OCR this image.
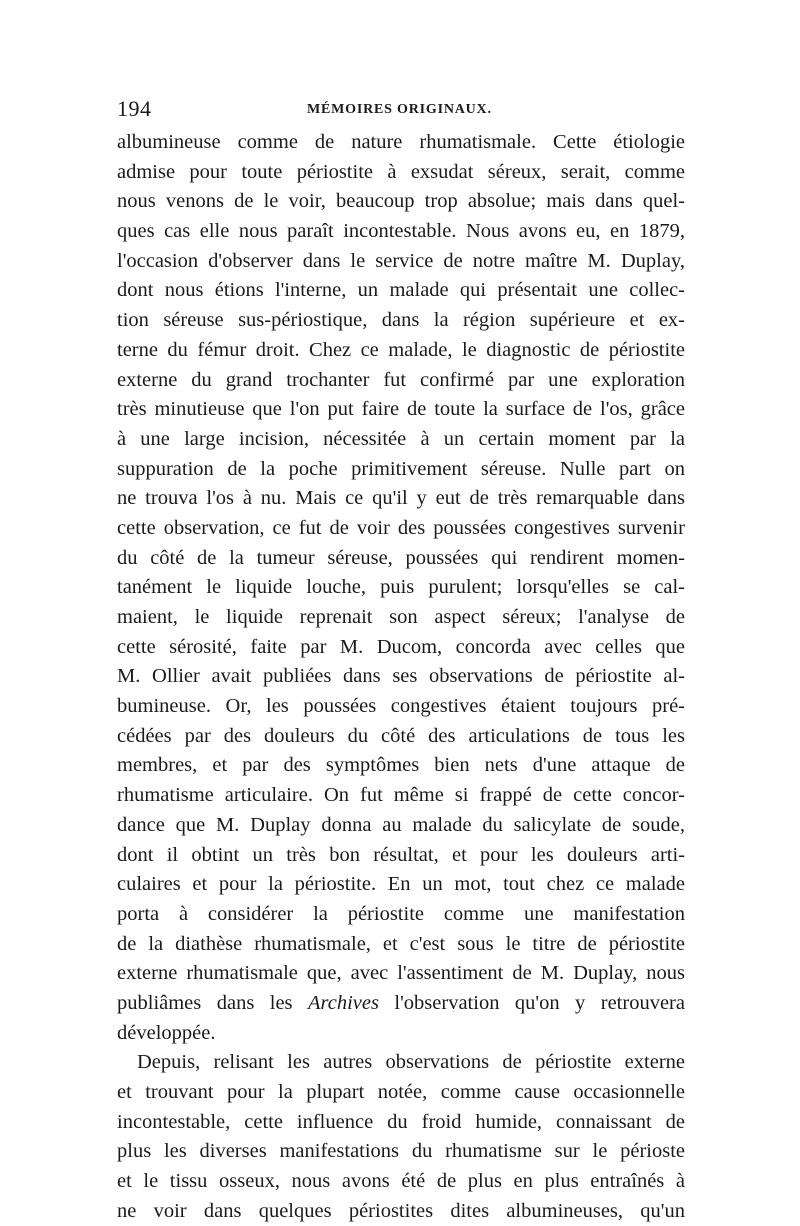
194	MÉMOIRES ORIGINAUX.
albumineuse comme de nature rhumatismale. Cette étiologie
admise pour toute périostite à exsudat séreux, serait, comme
nous venons de le voir, beaucoup trop absolue; mais dans quel-
ques cas elle nous paraît incontestable. Nous avons eu, en 1879,
l'occasion d'observer dans le service de notre maître M. Duplay,
dont nous étions l'interne, un malade qui présentait une collec-
tion séreuse sus-périostique, dans la région supérieure et ex-
terne du fémur droit. Chez ce malade, le diagnostic de périostite
externe du grand trochanter fut confirmé par une exploration
très minutieuse que l'on put faire de toute la surface de l'os, grâce
à une large incision, nécessitée à un certain moment par la
suppuration de la poche primitivement séreuse. Nulle part on
ne trouva l'os à nu. Mais ce qu'il y eut de très remarquable dans
cette observation, ce fut de voir des poussées congestives survenir
du côté de la tumeur séreuse, poussées qui rendirent momen-
tanément le liquide louche, puis purulent; lorsqu'elles se cal-
maient, le liquide reprenait son aspect séreux; l'analyse de
cette sérosité, faite par M. Ducom, concorda avec celles que
M. Ollier avait publiées dans ses observations de périostite al-
bumineuse. Or, les poussées congestives étaient toujours pré-
cédées par des douleurs du côté des articulations de tous les
membres, et par des symptômes bien nets d'une attaque de
rhumatisme articulaire. On fut même si frappé de cette concor-
dance que M. Duplay donna au malade du salicylate de soude,
dont il obtint un très bon résultat, et pour les douleurs arti-
culaires et pour la périostite. En un mot, tout chez ce malade
porta à considérer la périostite comme une manifestation
de la diathèse rhumatismale, et c'est sous le titre de périostite
externe rhumatismale que, avec l'assentiment de M. Duplay, nous
publiâmes dans les Archives l'observation qu'on y retrouvera
développée.
Depuis, relisant les autres observations de périostite externe
et trouvant pour la plupart notée, comme cause occasionnelle
incontestable, cette influence du froid humide, connaissant de
plus les diverses manifestations du rhumatisme sur le périoste
et le tissu osseux, nous avons été de plus en plus entraînés à
ne voir dans quelques périostites dites albumineuses, qu'un
